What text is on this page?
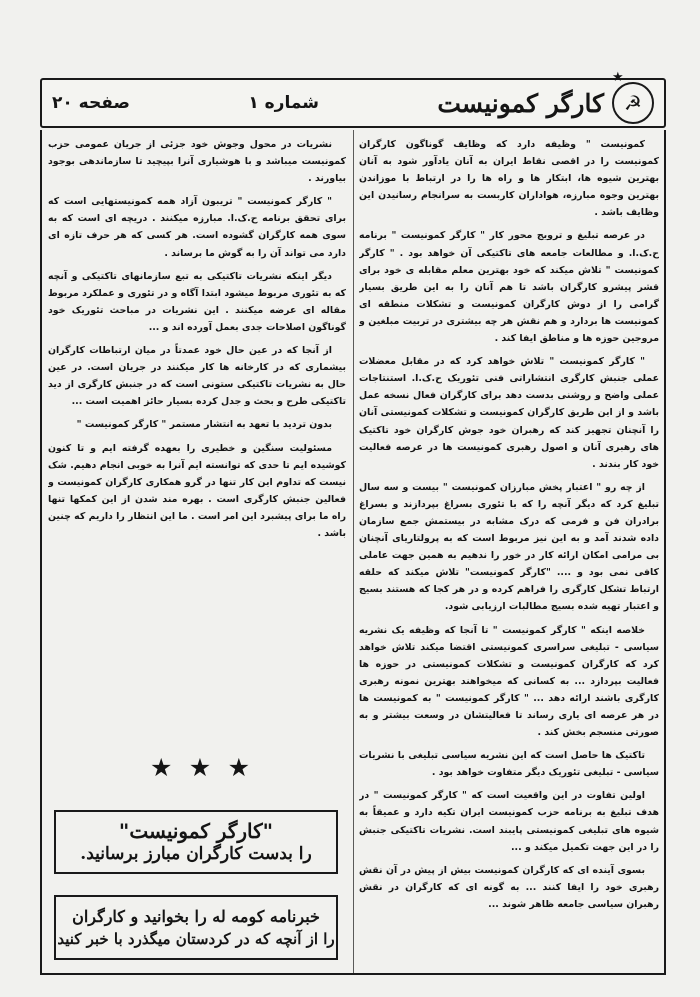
★
☭
کارگر کمونیست
شماره ۱
صفحه ۲۰

کمونیست " وظیفه دارد که وظایف گوناگون کارگران کمونیست را در اقصی نقاط ایران به آنان یادآور شود به آنان بهترین شیوه ها، ابتکار ها و راه ها را در ارتباط با موزاندن بهترین وجوه مبارزه، هواداران کاربست به سرانجام رسانیدن این وظایف باشد .

در عرصه تبلیغ و ترویج محور کار " کارگر کمونیست " برنامه ح.ک.ا. و مطالعات جامعه های تاکتیکی آن خواهد بود . " کارگر کمونیست " تلاش میکند که خود بهترین معلم مقابله ی خود برای قشر پیشرو کارگران باشد تا هم آنان را به این طریق بسیار گرامی را از دوش کارگران کمونیست و تشکلات منطقه ای کمونیست ها بردارد و هم نقش هر چه بیشتری در تربیت مبلغین و مروجین حوزه ها و مناطق ایفا کند .

" کارگر کمونیست " تلاش خواهد کرد که در مقابل معضلات عملی جنبش کارگری انتشاراتی فنی تئوریک ح.ک.ا. استنتاجات عملی واضح و روشنی بدست دهد برای کارگران فعال نسخه عمل باشد و از این طریق کارگران کمونیست و تشکلات کمونیستی آنان را آنچنان تجهیز کند که رهبران خود جوش کارگران خود تاکتیک های رهبری آنان و اصول رهبری کمونیست ها در عرصه فعالیت خود کار بندند .

از چه رو " اعتبار پخش مبارزان کمونیست " بیست و سه سال تبلیغ کرد که دیگر آنچه را که با تئوری بسراغ بپردازند و بسراغ برادران فن و فرمی که درک مشابه در بیستمش جمع سازمان داده شدند آمد و به این نیز مربوط است که به پرولتاریای آنچنان بی مرامی امکان ارائه کار در خور را ندهیم به همین جهت عاملی کافی نمی بود و .... "کارگر کمونیست" تلاش میکند که حلقه ارتباط تشکل کارگری را فراهم کرده و در هر کجا که هستند بسیج و اعتبار تهیه شده بسیج مطالبات ارزیابی شود.

خلاصه اینکه " کارگر کمونیست " تا آنجا که وظیفه یک نشریه سیاسی - تبلیغی سراسری کمونیستی اقتضا میکند تلاش خواهد کرد که کارگران کمونیست و تشکلات کمونیستی در حوزه ها فعالیت بپردازد ... به کسانی که میخواهند بهترین نمونه رهبری کارگری باشند ارائه دهد ... " کارگر کمونیست " به کمونیست ها در هر عرصه ای یاری رساند تا فعالیتشان در وسعت بیشتر و به صورتی منسجم بخش کند .

تاکتیک ها حاصل است که این نشریه سیاسی تبلیغی با نشریات سیاسی - تبلیغی تئوریک دیگر متفاوت خواهد بود .

اولین تفاوت در این واقعیت است که " کارگر کمونیست " در هدف تبلیغ به برنامه حزب کمونیست ایران تکیه دارد و عمیقاً به شیوه های تبلیغی کمونیستی پایبند است. نشریات تاکتیکی جنبش را در این جهت تکمیل میکند و ...

بسوی آینده ای که کارگران کمونیست بیش از پیش در آن نقش رهبری خود را ایفا کنند ... به گونه ای که کارگران در نقش رهبران سیاسی جامعه ظاهر شوند ...

نشریات در محول وجوش خود جزئی از جریان عمومی حزب کمونیست میباشد و با هوشیاری آنرا بپیچید تا سازماندهی بوجود بیاورند .

" کارگر کمونیست " تریبون آزاد همه کمونیستهایی است که برای تحقق برنامه ح.ک.ا. مبارزه میکنند . دریچه ای است که به سوی همه کارگران گشوده است. هر کسی که هر حرف تازه ای دارد می تواند آن را به گوش ما برساند .

دیگر اینکه نشریات تاکتیکی به تبع سازمانهای تاکتیکی و آنچه که به تئوری مربوط میشود ابتدا آگاه و در تئوری و عملکرد مربوط مقاله ای عرضه میکنند . این نشریات در مباحث تئوریک خود گوناگون اصلاحات جدی بعمل آورده اند و ...

از آنجا که در عین حال خود عمدتاً در میان ارتباطات کارگران بیشماری که در کارخانه ها کار میکنند در جریان است. در عین حال به نشریات تاکتیکی ستونی است که در جنبش کارگری از دید تاکتیکی طرح و بحث و جدل کرده بسیار حائز اهمیت است ...

بدون تردید با تعهد به انتشار مستمر " کارگر کمونیست "

مسئولیت سنگین و خطیری را بعهده گرفته ایم و تا کنون کوشیده ایم تا حدی که توانسته ایم آنرا به خوبی انجام دهیم. شک نیست که تداوم این کار تنها در گرو همکاری کارگران کمونیست و فعالین جنبش کارگری است . بهره مند شدن از این کمکها تنها راه ما برای پیشبرد این امر است . ما این انتظار را داریم که چنین باشد .

★ ★ ★
"کارگر کمونیست"
را بدست کارگران مبارز برسانید.
خبرنامه کومه له را بخوانید و کارگران
را از آنچه که در کردستان میگذرد با خبر کنید
